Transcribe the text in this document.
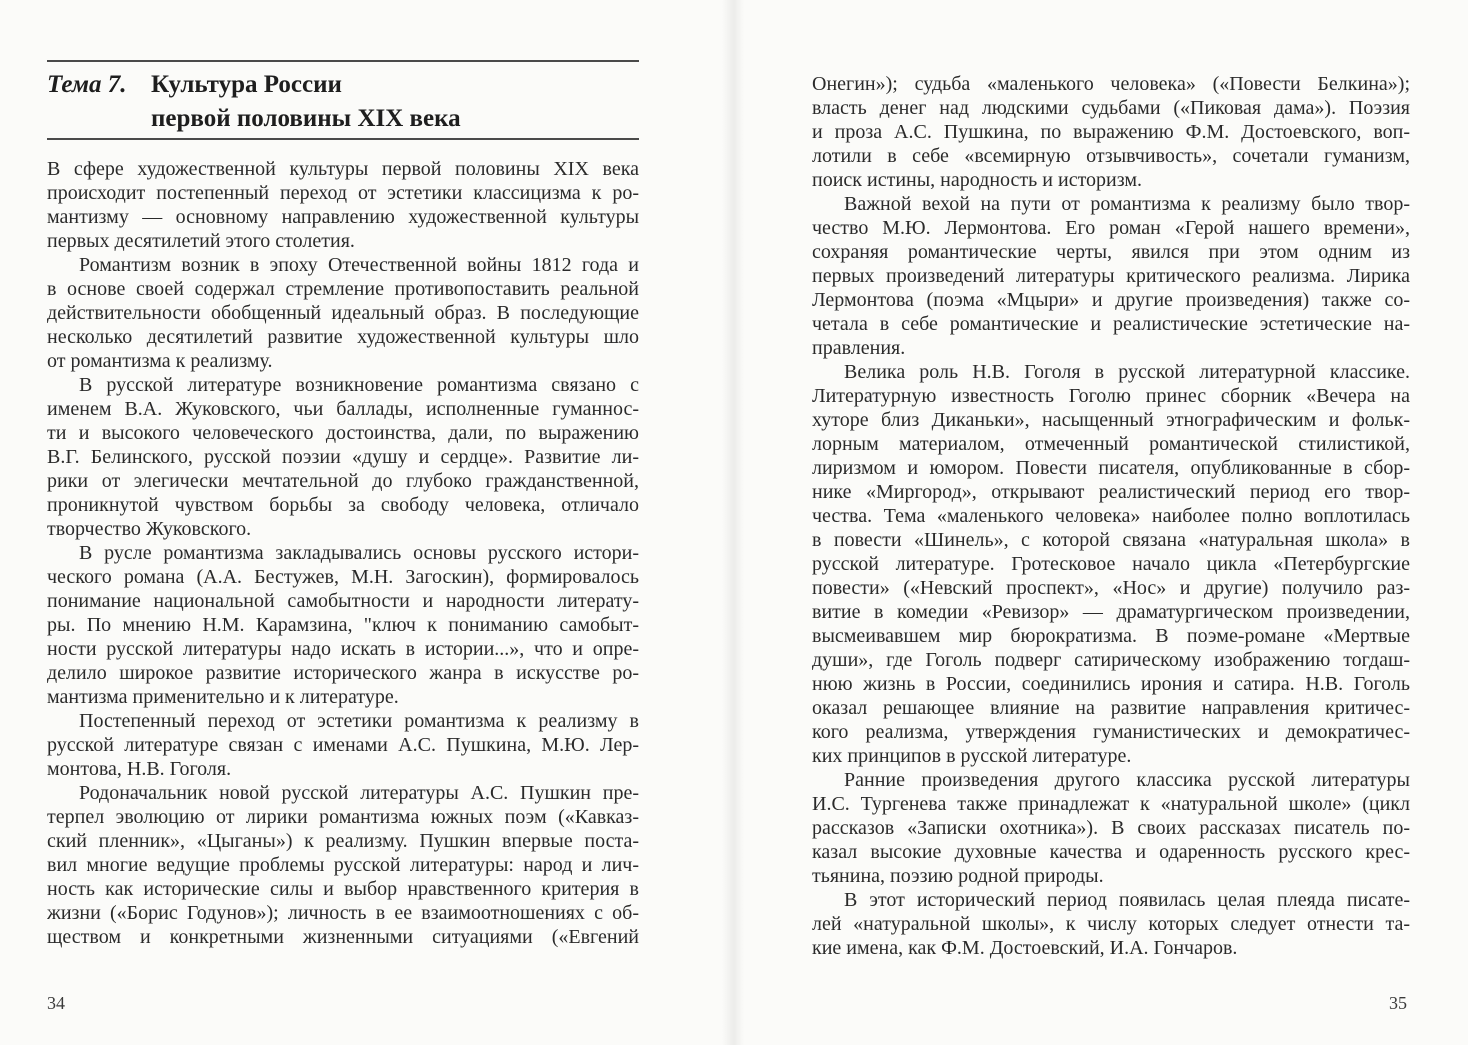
Тема 7. Культура России
первой половины XIX века
В сфере художественной культуры первой половины XIX века
происходит постепенный переход от эстетики классицизма к ро-
мантизму — основному направлению художественной культуры
первых десятилетий этого столетия.
Романтизм возник в эпоху Отечественной войны 1812 года и
в основе своей содержал стремление противопоставить реальной
действительности обобщенный идеальный образ. В последующие
несколько десятилетий развитие художественной культуры шло
от романтизма к реализму.
В русской литературе возникновение романтизма связано с
именем В.А. Жуковского, чьи баллады, исполненные гуманнос-
ти и высокого человеческого достоинства, дали, по выражению
В.Г. Белинского, русской поэзии «душу и сердце». Развитие ли-
рики от элегически мечтательной до глубоко гражданственной,
проникнутой чувством борьбы за свободу человека, отличало
творчество Жуковского.
В русле романтизма закладывались основы русского истори-
ческого романа (А.А. Бестужев, М.Н. Загоскин), формировалось
понимание национальной самобытности и народности литерату-
ры. По мнению Н.М. Карамзина, "ключ к пониманию самобыт-
ности русской литературы надо искать в истории...», что и опре-
делило широкое развитие исторического жанра в искусстве ро-
мантизма применительно и к литературе.
Постепенный переход от эстетики романтизма к реализму в
русской литературе связан с именами А.С. Пушкина, М.Ю. Лер-
монтова, Н.В. Гоголя.
Родоначальник новой русской литературы А.С. Пушкин пре-
терпел эволюцию от лирики романтизма южных поэм («Кавказ-
ский пленник», «Цыганы») к реализму. Пушкин впервые поста-
вил многие ведущие проблемы русской литературы: народ и лич-
ность как исторические силы и выбор нравственного критерия в
жизни («Борис Годунов»); личность в ее взаимоотношениях с об-
ществом и конкретными жизненными ситуациями («Евгений
Онегин»); судьба «маленького человека» («Повести Белкина»);
власть денег над людскими судьбами («Пиковая дама»). Поэзия
и проза А.С. Пушкина, по выражению Ф.М. Достоевского, воп-
лотили в себе «всемирную отзывчивость», сочетали гуманизм,
поиск истины, народность и историзм.
Важной вехой на пути от романтизма к реализму было твор-
чество М.Ю. Лермонтова. Его роман «Герой нашего времени»,
сохраняя романтические черты, явился при этом одним из
первых произведений литературы критического реализма. Лирика
Лермонтова (поэма «Мцыри» и другие произведения) также со-
четала в себе романтические и реалистические эстетические на-
правления.
Велика роль Н.В. Гоголя в русской литературной классике.
Литературную известность Гоголю принес сборник «Вечера на
хуторе близ Диканьки», насыщенный этнографическим и фольк-
лорным материалом, отмеченный романтической стилистикой,
лиризмом и юмором. Повести писателя, опубликованные в сбор-
нике «Миргород», открывают реалистический период его твор-
чества. Тема «маленького человека» наиболее полно воплотилась
в повести «Шинель», с которой связана «натуральная школа» в
русской литературе. Гротесковое начало цикла «Петербургские
повести» («Невский проспект», «Нос» и другие) получило раз-
витие в комедии «Ревизор» — драматургическом произведении,
высмеивавшем мир бюрократизма. В поэме-романе «Мертвые
души», где Гоголь подверг сатирическому изображению тогдаш-
нюю жизнь в России, соединились ирония и сатира. Н.В. Гоголь
оказал решающее влияние на развитие направления критичес-
кого реализма, утверждения гуманистических и демократичес-
ких принципов в русской литературе.
Ранние произведения другого классика русской литературы
И.С. Тургенева также принадлежат к «натуральной школе» (цикл
рассказов «Записки охотника»). В своих рассказах писатель по-
казал высокие духовные качества и одаренность русского крес-
тьянина, поэзию родной природы.
В этот исторический период появилась целая плеяда писате-
лей «натуральной школы», к числу которых следует отнести та-
кие имена, как Ф.М. Достоевский, И.А. Гончаров.
34	35
